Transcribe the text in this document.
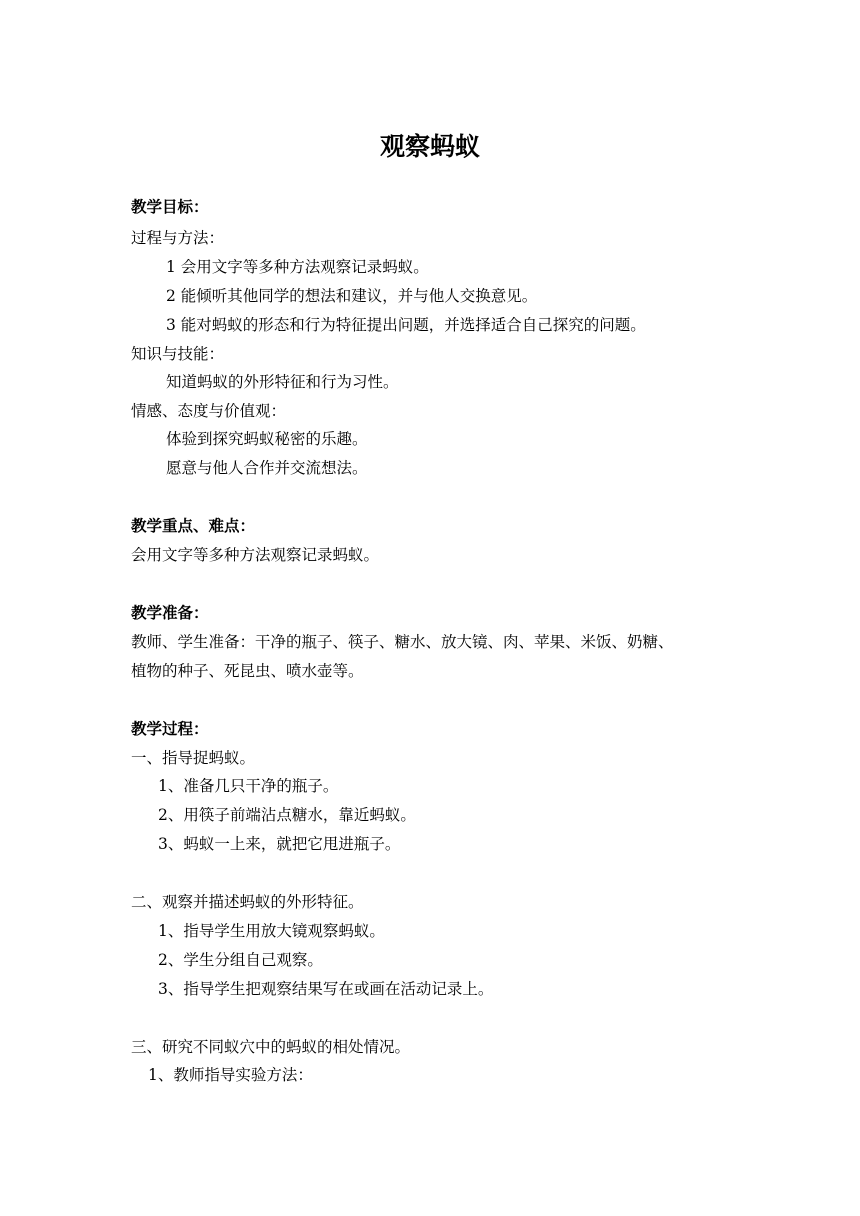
观察蚂蚁
教学目标：
过程与方法：
1 会用文字等多种方法观察记录蚂蚁。
2 能倾听其他同学的想法和建议，并与他人交换意见。
3 能对蚂蚁的形态和行为特征提出问题，并选择适合自己探究的问题。
知识与技能：
知道蚂蚁的外形特征和行为习性。
情感、态度与价值观：
体验到探究蚂蚁秘密的乐趣。
愿意与他人合作并交流想法。
教学重点、难点：
会用文字等多种方法观察记录蚂蚁。
教学准备：
教师、学生准备：干净的瓶子、筷子、糖水、放大镜、肉、苹果、米饭、奶糖、
植物的种子、死昆虫、喷水壶等。
教学过程：
一、指导捉蚂蚁。
1、准备几只干净的瓶子。
2、用筷子前端沾点糖水，靠近蚂蚁。
3、蚂蚁一上来，就把它甩进瓶子。
二、观察并描述蚂蚁的外形特征。
1、指导学生用放大镜观察蚂蚁。
2、学生分组自己观察。
3、指导学生把观察结果写在或画在活动记录上。
三、研究不同蚁穴中的蚂蚁的相处情况。
1、教师指导实验方法：
